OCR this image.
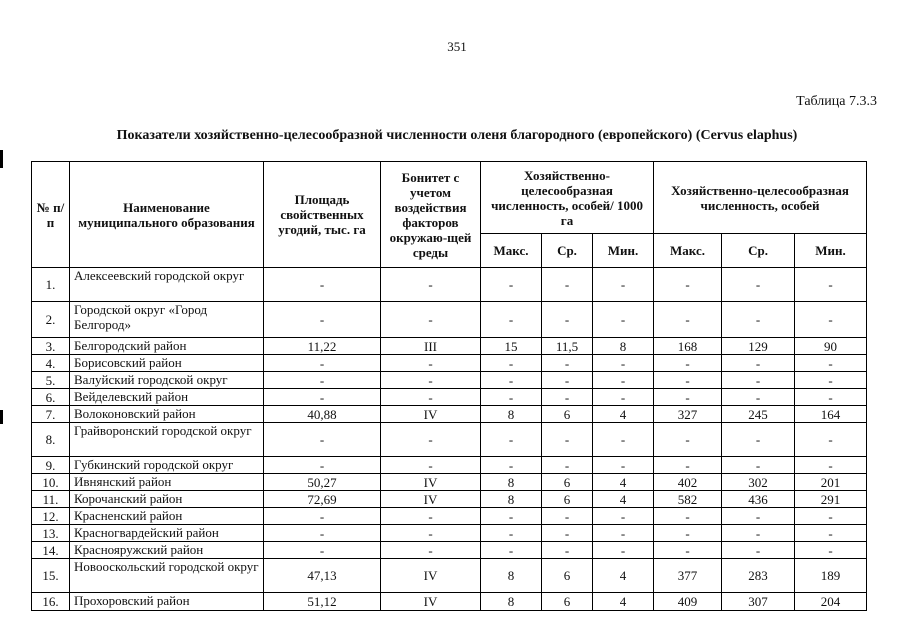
351
Таблица 7.3.3
Показатели хозяйственно-целесообразной численности оленя благородного (европейского) (Cervus elaphus)
№ п/п	Наименование муниципального образования	Площадь свойственных угодий, тыс. га	Бонитет с учетом воздействия факторов окружаю-щей среды	Хозяйственно-целесообразная численность, особей/ 1000 га			Хозяйственно-целесообразная численность, особей		
				Макс.	Ср.	Мин.	Макс.	Ср.	Мин.
1.	Алексеевский городской округ	-	-	-	-	-	-	-	-
2.	Городской округ «Город Белгород»	-	-	-	-	-	-	-	-
3.	Белгородский район	11,22	III	15	11,5	8	168	129	90
4.	Борисовский район	-	-	-	-	-	-	-	-
5.	Валуйский городской округ	-	-	-	-	-	-	-	-
6.	Вейделевский район	-	-	-	-	-	-	-	-
7.	Волоконовский район	40,88	IV	8	6	4	327	245	164
8.	Грайворонский городской округ	-	-	-	-	-	-	-	-
9.	Губкинский городской округ	-	-	-	-	-	-	-	-
10.	Ивнянский район	50,27	IV	8	6	4	402	302	201
11.	Корочанский район	72,69	IV	8	6	4	582	436	291
12.	Красненский район	-	-	-	-	-	-	-	-
13.	Красногвардейский район	-	-	-	-	-	-	-	-
14.	Краснояружский район	-	-	-	-	-	-	-	-
15.	Новооскольский городской округ	47,13	IV	8	6	4	377	283	189
16.	Прохоровский район	51,12	IV	8	6	4	409	307	204
